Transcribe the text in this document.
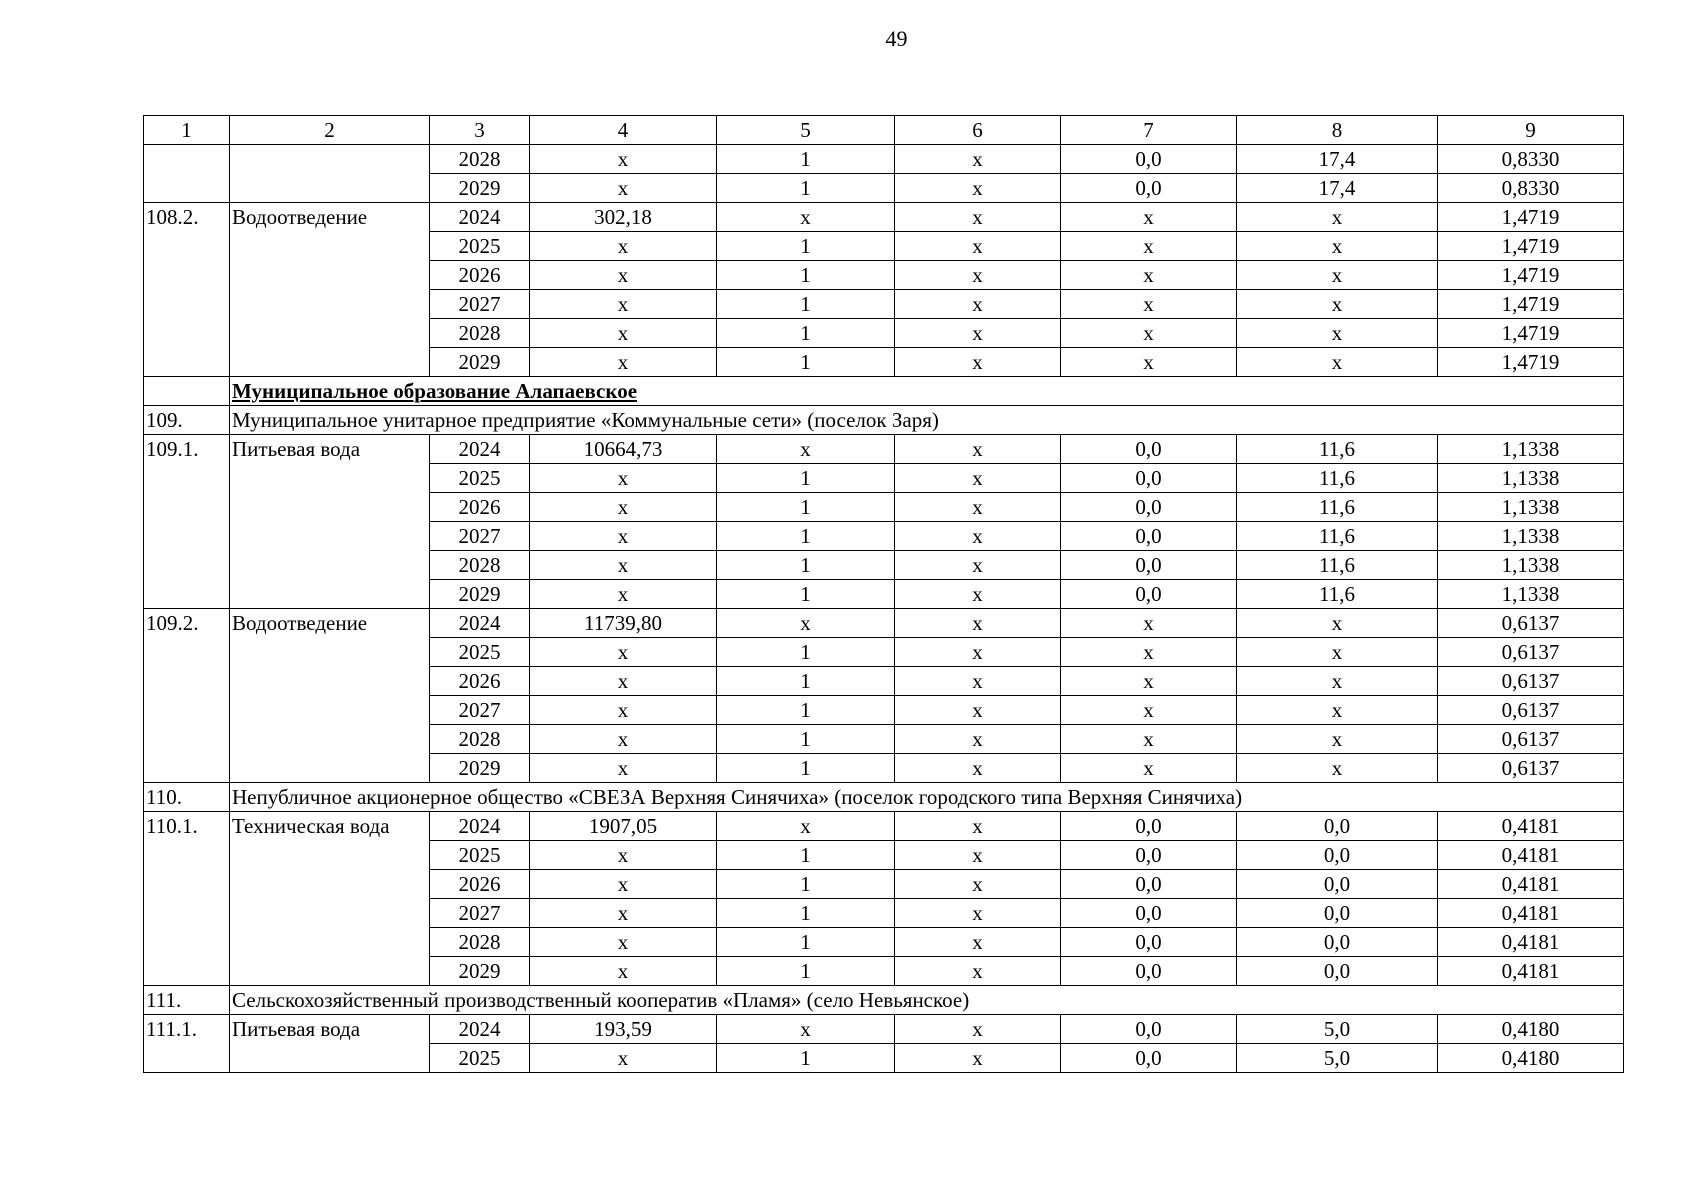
49
1	2	3	4	5	6	7	8	9
		2028	x	1	x	0,0	17,4	0,8330
		2029	x	1	x	0,0	17,4	0,8330
108.2.	Водоотведение	2024	302,18	x	x	x	x	1,4719
		2025	x	1	x	x	x	1,4719
		2026	x	1	x	x	x	1,4719
		2027	x	1	x	x	x	1,4719
		2028	x	1	x	x	x	1,4719
		2029	x	1	x	x	x	1,4719
	Муниципальное образование Алапаевское							
109.	Муниципальное унитарное предприятие «Коммунальные сети» (поселок Заря)							
109.1.	Питьевая вода	2024	10664,73	x	x	0,0	11,6	1,1338
		2025	x	1	x	0,0	11,6	1,1338
		2026	x	1	x	0,0	11,6	1,1338
		2027	x	1	x	0,0	11,6	1,1338
		2028	x	1	x	0,0	11,6	1,1338
		2029	x	1	x	0,0	11,6	1,1338
109.2.	Водоотведение	2024	11739,80	x	x	x	x	0,6137
		2025	x	1	x	x	x	0,6137
		2026	x	1	x	x	x	0,6137
		2027	x	1	x	x	x	0,6137
		2028	x	1	x	x	x	0,6137
		2029	x	1	x	x	x	0,6137
110.	Непубличное акционерное общество «СВЕЗА Верхняя Синячиха» (поселок городского типа Верхняя Синячиха)							
110.1.	Техническая вода	2024	1907,05	x	x	0,0	0,0	0,4181
		2025	x	1	x	0,0	0,0	0,4181
		2026	x	1	x	0,0	0,0	0,4181
		2027	x	1	x	0,0	0,0	0,4181
		2028	x	1	x	0,0	0,0	0,4181
		2029	x	1	x	0,0	0,0	0,4181
111.	Сельскохозяйственный производственный кооператив «Пламя» (село Невьянское)							
111.1.	Питьевая вода	2024	193,59	x	x	0,0	5,0	0,4180
		2025	x	1	x	0,0	5,0	0,4180
